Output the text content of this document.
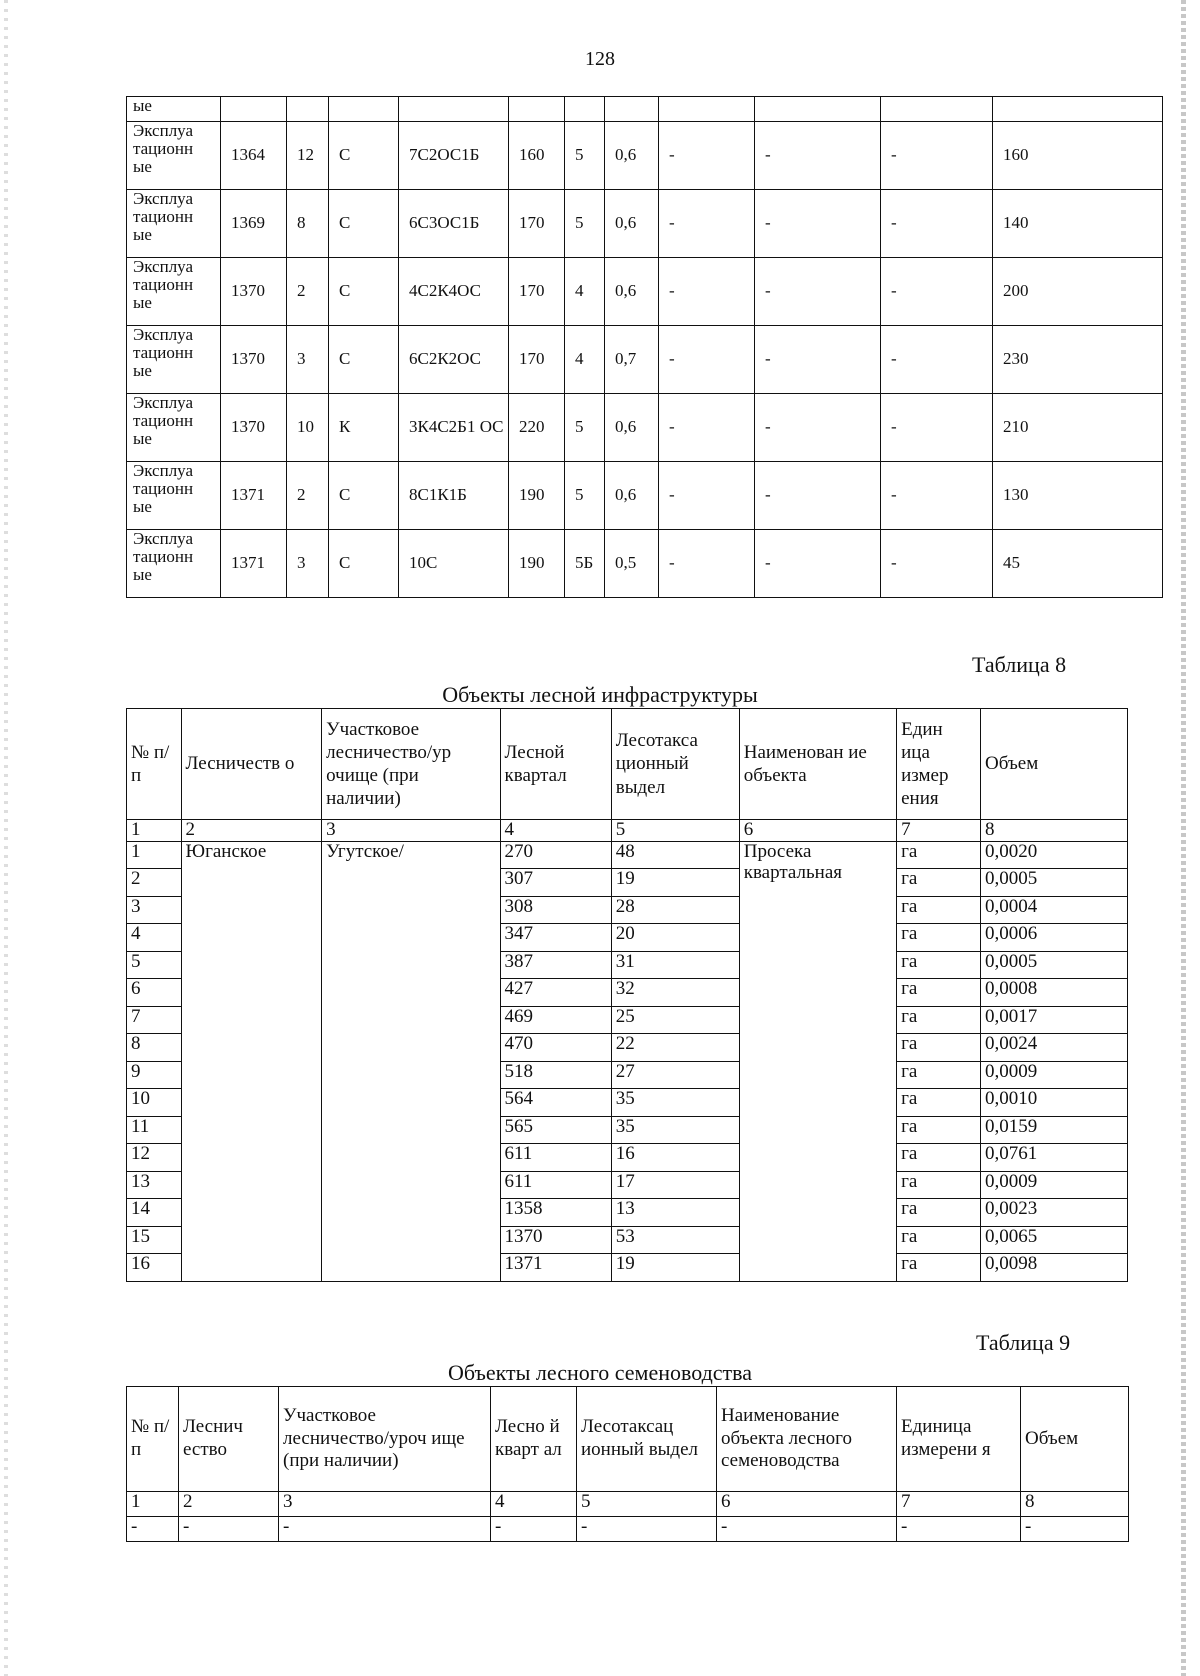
128
ые											

Эксплуа
тационн
ые	1364	12	С	7С2ОС1Б	160	5	0,6	-	-	-	160

Эксплуа
тационн
ые	1369	8	С	6С3ОС1Б	170	5	0,6	-	-	-	140

Эксплуа
тационн
ые	1370	2	С	4С2К4ОС	170	4	0,6	-	-	-	200

Эксплуа
тационн
ые	1370	3	С	6С2К2ОС	170	4	0,7	-	-	-	230

Эксплуа
тационн
ые	1370	10	К	3К4С2Б1 ОС	220	5	0,6	-	-	-	210

Эксплуа
тационн
ые	1371	2	С	8С1К1Б	190	5	0,6	-	-	-	130

Эксплуа
тационн
ые	1371	3	С	10С	190	5Б	0,5	-	-	-	45
Таблица 8
Объекты лесной инфраструктуры
№ п/п	Лесничеств о	Участковое лесничество/ур очище (при наличии)	Лесной квартал	Лесотакса ционный выдел	Наименован ие объекта	Един ица измер ения	Объем
1	2	3	4	5	6	7	8
1	Юганское	Угутское/	270	48	Просека квартальная	га	0,0020
2			307	19		га	0,0005
3			308	28		га	0,0004
4			347	20		га	0,0006
5			387	31		га	0,0005
6			427	32		га	0,0008
7			469	25		га	0,0017
8			470	22		га	0,0024
9			518	27		га	0,0009
10			564	35		га	0,0010
11			565	35		га	0,0159
12			611	16		га	0,0761
13			611	17		га	0,0009
14			1358	13		га	0,0023
15			1370	53		га	0,0065
16			1371	19		га	0,0098
Таблица 9
Объекты лесного семеноводства
№ п/п	Леснич ество	Участковое лесничество/уроч ище (при наличии)	Лесно й кварт ал	Лесотаксац ионный выдел	Наименование объекта лесного семеноводства	Единица измерени я	Объем
1	2	3	4	5	6	7	8
-	-	-	-	-	-	-	-
